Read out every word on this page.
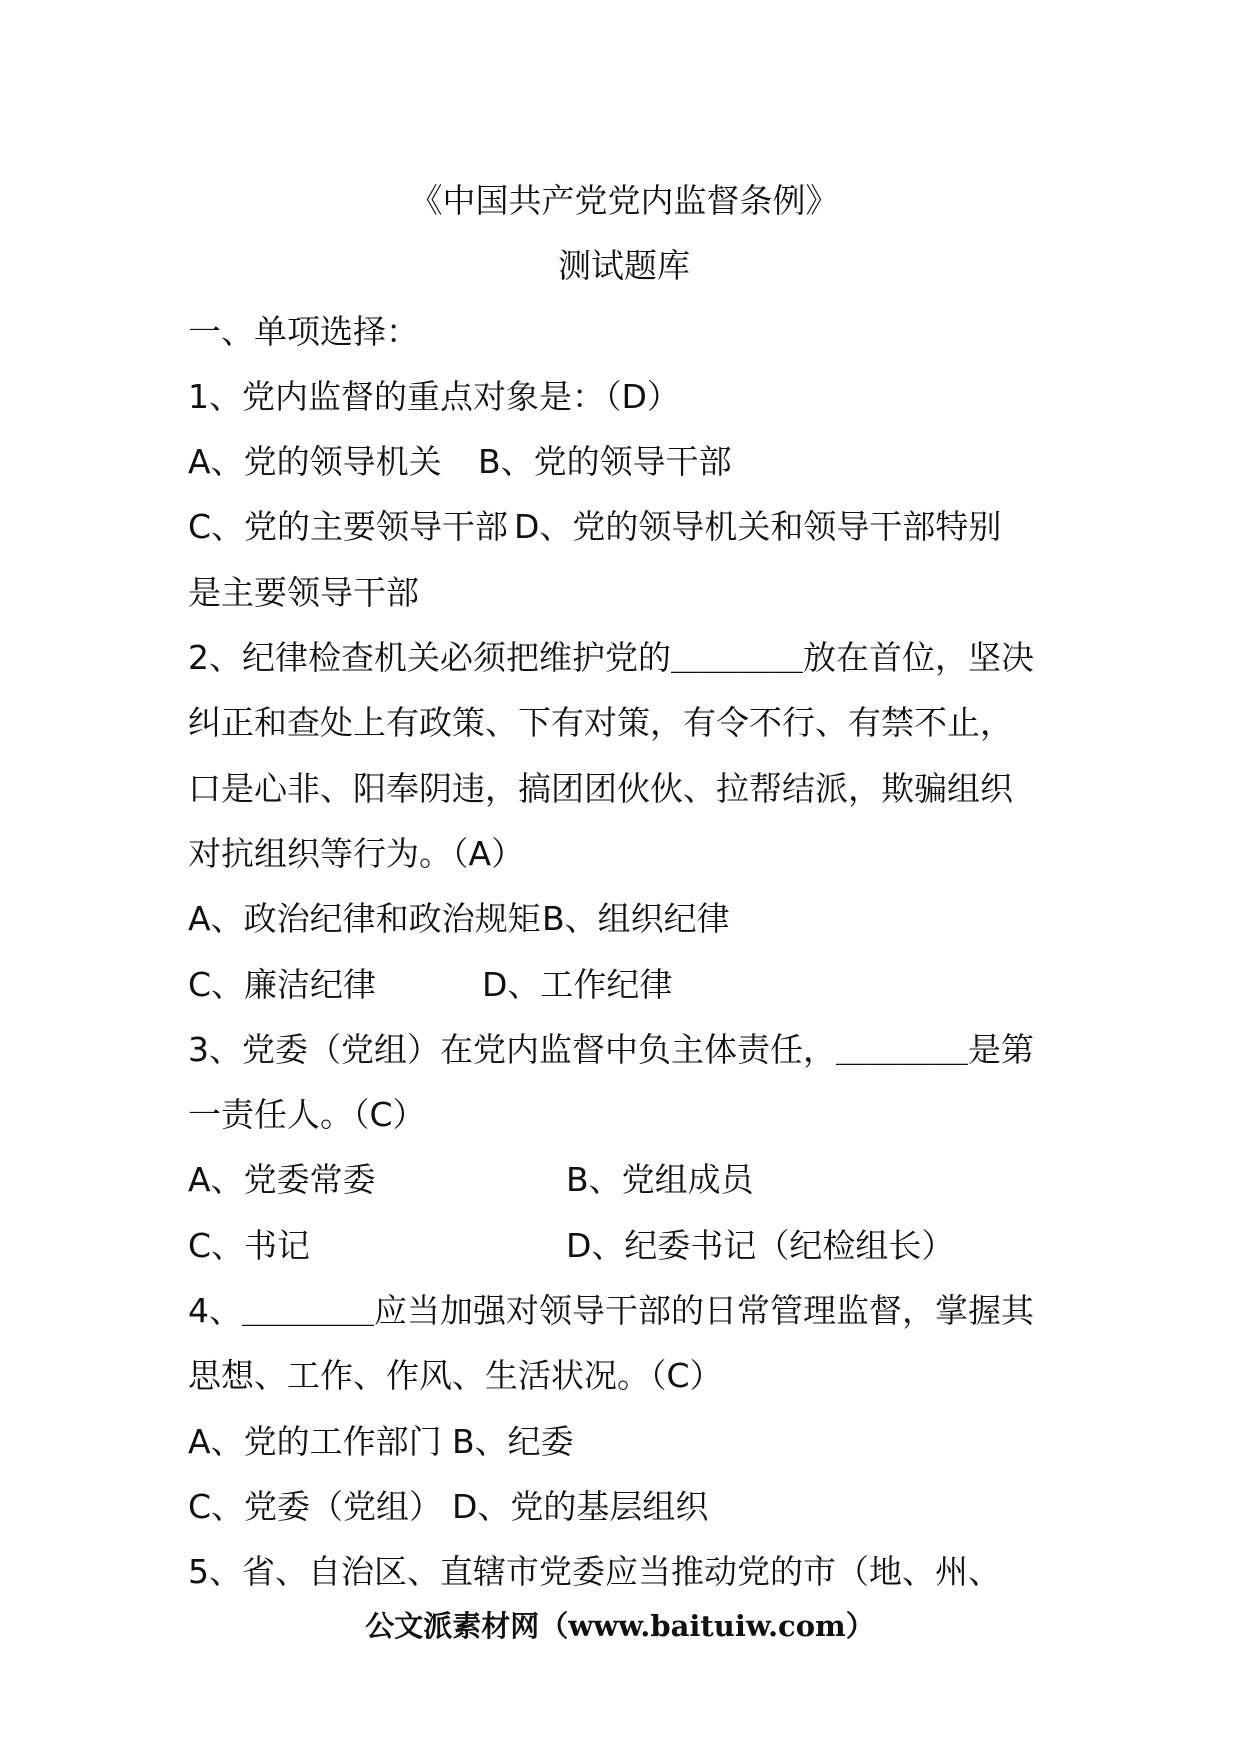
《中国共产党党内监督条例》
测试题库
一、单项选择：
1、党内监督的重点对象是：（D）
A、党的领导机关 B、党的领导干部
C、党的主要领导干部 D、党的领导机关和领导干部特别
是主要领导干部
2、纪律检查机关必须把维护党的＿＿＿＿放在首位，坚决
纠正和查处上有政策、下有对策，有令不行、有禁不止，
口是心非、阳奉阴违，搞团团伙伙、拉帮结派，欺骗组织
对抗组织等行为。（A）
A、政治纪律和政治规矩 B、组织纪律
C、廉洁纪律	D、工作纪律
3、党委（党组）在党内监督中负主体责任，＿＿＿＿是第
一责任人。（C）
A、党委常委	B、党组成员
C、书记	D、纪委书记（纪检组长）
4、＿＿＿＿应当加强对领导干部的日常管理监督，掌握其
思想、工作、作风、生活状况。（C）
A、党的工作部门 B、纪委
C、党委（党组） D、党的基层组织
5、省、自治区、直辖市党委应当推动党的市（地、州、
公文派素材网（www.baituiw.com）
